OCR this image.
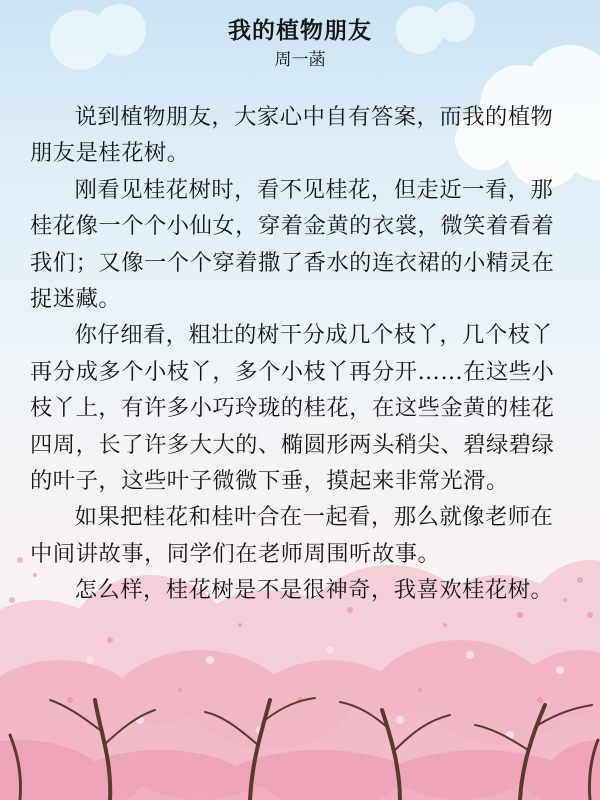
我的植物朋友
周一菡

说到植物朋友，大家心中自有答案，而我的植物朋友是桂花树。

刚看见桂花树时，看不见桂花，但走近一看，那桂花像一个个小仙女，穿着金黄的衣裳，微笑着看着我们；又像一个个穿着撒了香水的连衣裙的小精灵在捉迷藏。

你仔细看，粗壮的树干分成几个枝丫，几个枝丫再分成多个小枝丫，多个小枝丫再分开……在这些小枝丫上，有许多小巧玲珑的桂花，在这些金黄的桂花四周，长了许多大大的、椭圆形两头稍尖、碧绿碧绿的叶子，这些叶子微微下垂，摸起来非常光滑。

如果把桂花和桂叶合在一起看，那么就像老师在中间讲故事，同学们在老师周围听故事。

怎么样，桂花树是不是很神奇，我喜欢桂花树。
